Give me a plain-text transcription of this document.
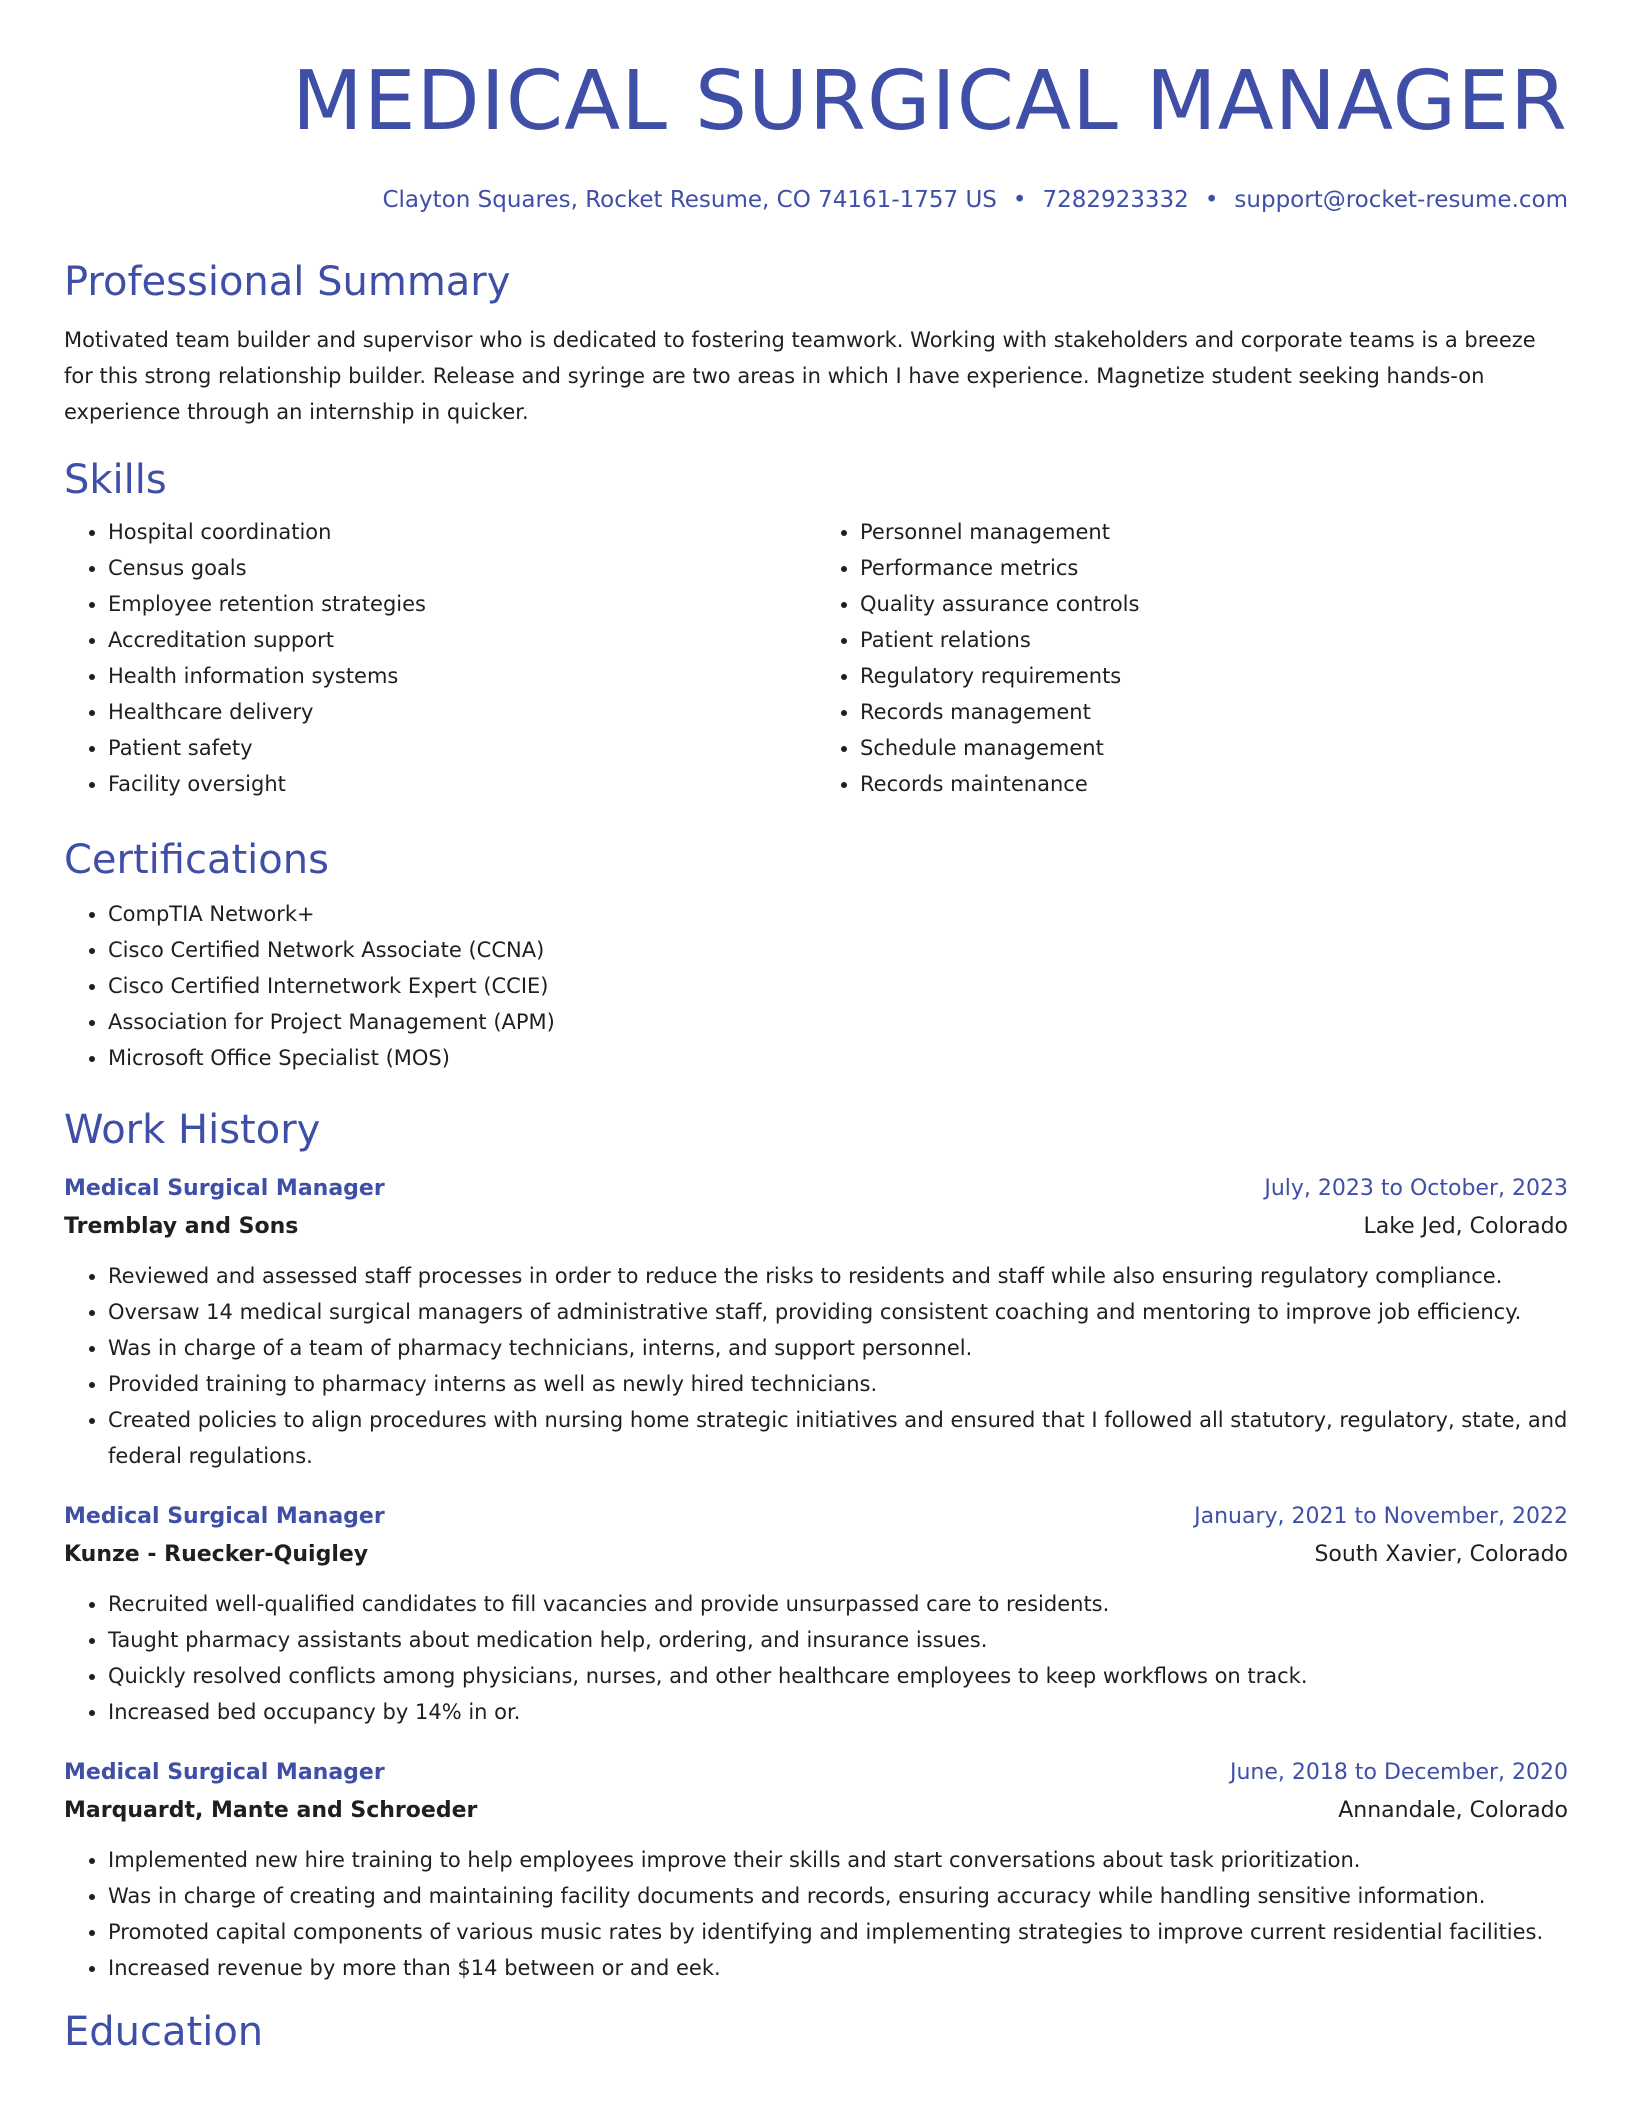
MEDICAL SURGICAL MANAGER
Clayton Squares, Rocket Resume, CO 74161-1757 US • 7282923332 • support@rocket-resume.com
Professional Summary

Motivated team builder and supervisor who is dedicated to fostering teamwork. Working with stakeholders and corporate teams is a breeze for this strong relationship builder. Release and syringe are two areas in which I have experience. Magnetize student seeking hands-on experience through an internship in quicker.

Skills
• Hospital coordination
• Census goals
• Employee retention strategies
• Accreditation support
• Health information systems
• Healthcare delivery
• Patient safety
• Facility oversight
• Personnel management
• Performance metrics
• Quality assurance controls
• Patient relations
• Regulatory requirements
• Records management
• Schedule management
• Records maintenance
Certifications
• CompTIA Network+
• Cisco Certified Network Associate (CCNA)
• Cisco Certified Internetwork Expert (CCIE)
• Association for Project Management (APM)
• Microsoft Office Specialist (MOS)
Work History
Medical Surgical Manager	July, 2023 to October, 2023
Tremblay and Sons	Lake Jed, Colorado
• Reviewed and assessed staff processes in order to reduce the risks to residents and staff while also ensuring regulatory compliance.
• Oversaw 14 medical surgical managers of administrative staff, providing consistent coaching and mentoring to improve job efficiency.
• Was in charge of a team of pharmacy technicians, interns, and support personnel.
• Provided training to pharmacy interns as well as newly hired technicians.
• Created policies to align procedures with nursing home strategic initiatives and ensured that I followed all statutory, regulatory, state, and federal regulations.
Medical Surgical Manager	January, 2021 to November, 2022
Kunze - Ruecker-Quigley	South Xavier, Colorado
• Recruited well-qualified candidates to fill vacancies and provide unsurpassed care to residents.
• Taught pharmacy assistants about medication help, ordering, and insurance issues.
• Quickly resolved conflicts among physicians, nurses, and other healthcare employees to keep workflows on track.
• Increased bed occupancy by 14% in or.
Medical Surgical Manager	June, 2018 to December, 2020
Marquardt, Mante and Schroeder	Annandale, Colorado
• Implemented new hire training to help employees improve their skills and start conversations about task prioritization.
• Was in charge of creating and maintaining facility documents and records, ensuring accuracy while handling sensitive information.
• Promoted capital components of various music rates by identifying and implementing strategies to improve current residential facilities.
• Increased revenue by more than $14 between or and eek.
Education
